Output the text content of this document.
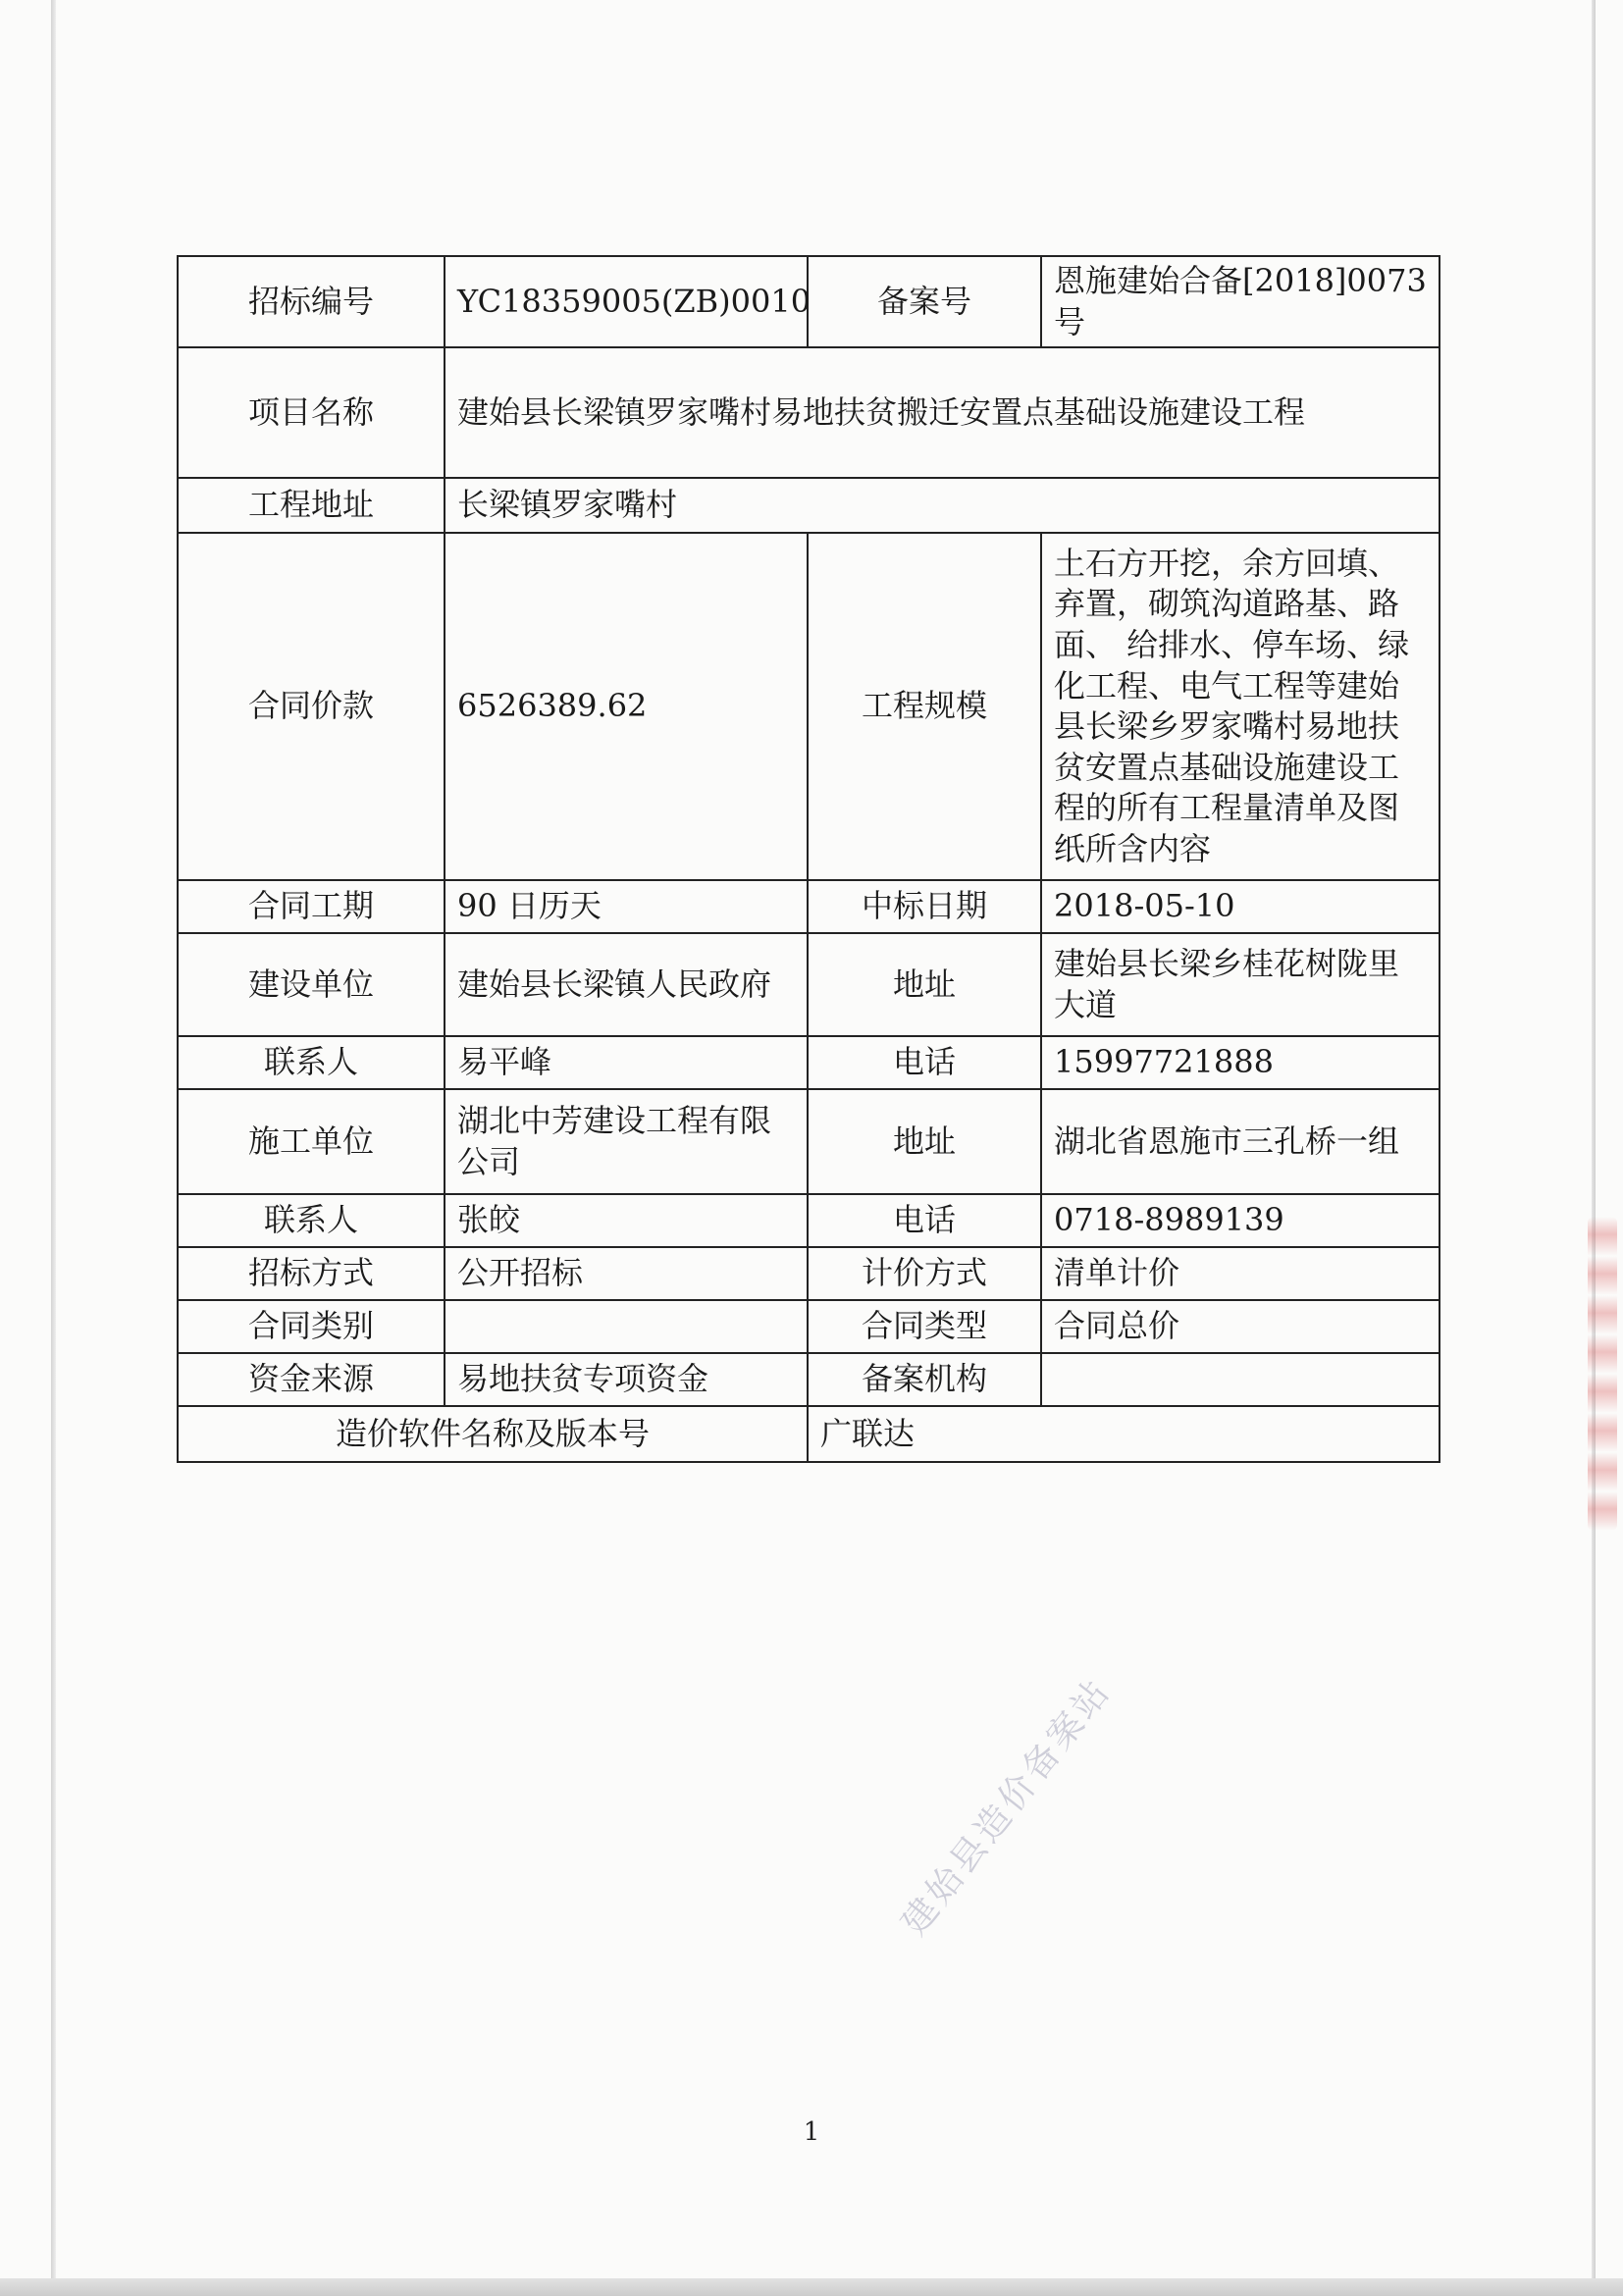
招标编号	YC18359005(ZB)0010	备案号	恩施建始合备[2018]0073号
项目名称	建始县长梁镇罗家嘴村易地扶贫搬迁安置点基础设施建设工程		
工程地址	长梁镇罗家嘴村		
合同价款	6526389.62	工程规模	土石方开挖，余方回填、弃置，砌筑沟道路基、路面、 给排水、停车场、绿化工程、电气工程等建始县长梁乡罗家嘴村易地扶贫安置点基础设施建设工程的所有工程量清单及图纸所含内容
合同工期	90 日历天	中标日期	2018-05-10
建设单位	建始县长梁镇人民政府	地址	建始县长梁乡桂花树陇里大道
联系人	易平峰	电话	15997721888
施工单位	湖北中芳建设工程有限公司	地址	湖北省恩施市三孔桥一组
联系人	张皎	电话	0718-8989139
招标方式	公开招标	计价方式	清单计价
合同类别		合同类型	合同总价
资金来源	易地扶贫专项资金	备案机构	
造价软件名称及版本号		广联达	
建始县造价备案站
1
